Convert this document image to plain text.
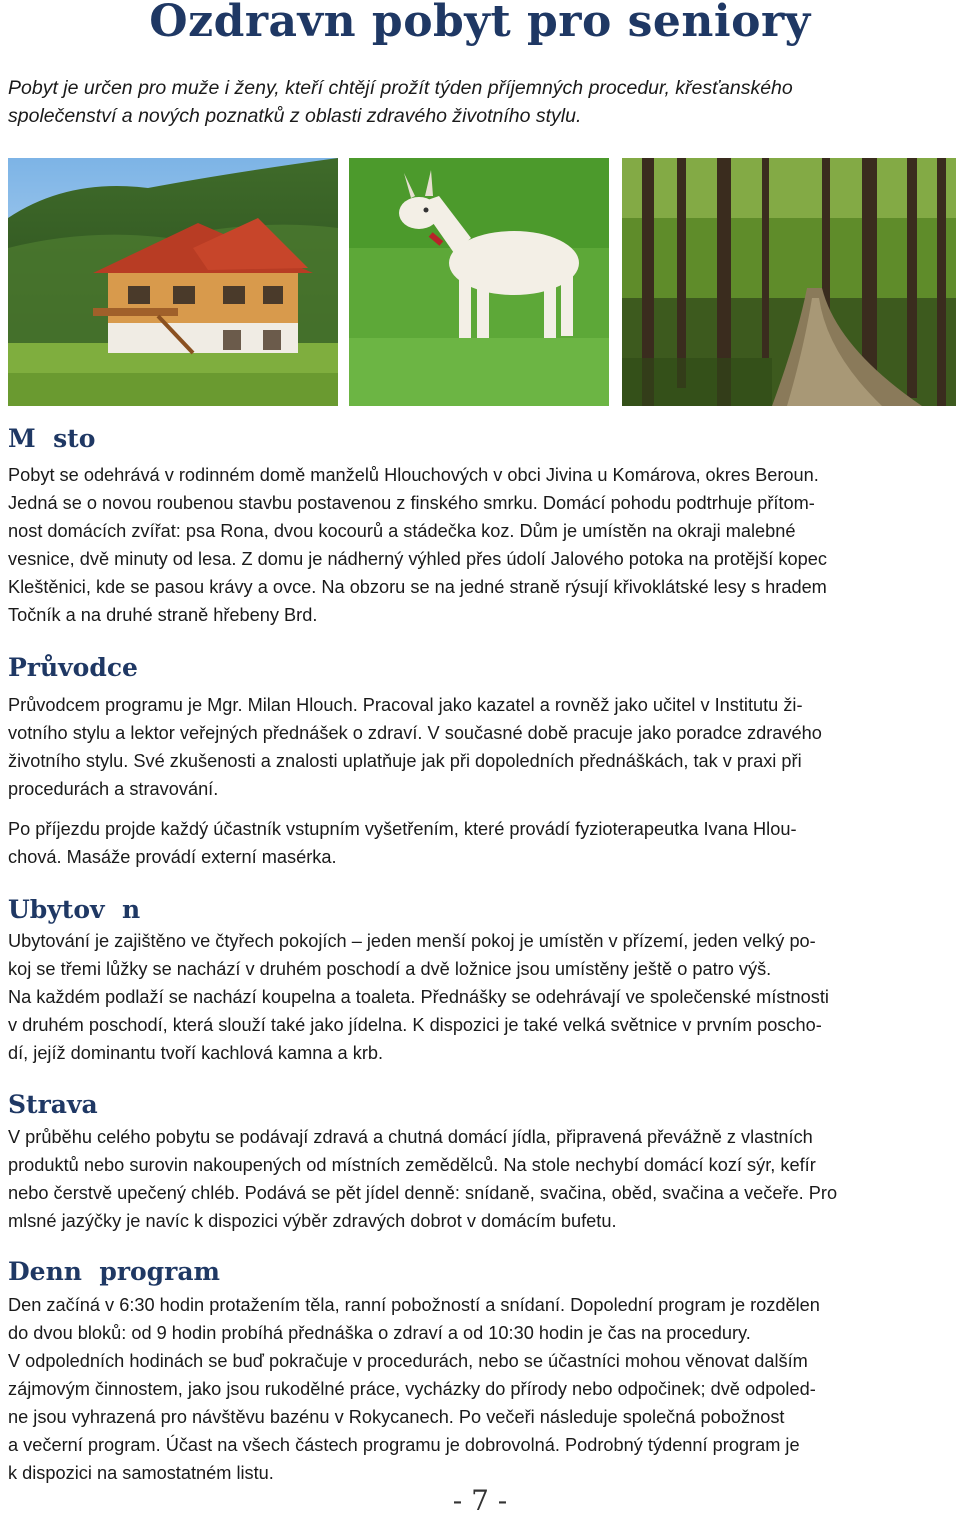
Ozdravn pobyt pro seniory
Pobyt je určen pro muže i ženy, kteří chtějí prožít týden příjemných procedur, křesťanského
společenství a nových poznatků z oblasti zdravého životního stylu.
M  sto
Pobyt se odehrává v rodinném domě manželů Hlouchových v obci Jivina u Komárova, okres Beroun.
Jedná se o novou roubenou stavbu postavenou z finského smrku. Domácí pohodu podtrhuje přítom-
nost domácích zvířat: psa Rona, dvou kocourů a stádečka koz. Dům je umístěn na okraji malebné
vesnice, dvě minuty od lesa. Z domu je nádherný výhled přes údolí Jalového potoka na protější kopec
Kleštěnici, kde se pasou krávy a ovce. Na obzoru se na jedné straně rýsují křivoklátské lesy s hradem
Točník a na druhé straně hřebeny Brd.
Průvodce
Průvodcem programu je Mgr. Milan Hlouch. Pracoval jako kazatel a rovněž jako učitel v Institutu ži-
votního stylu a lektor veřejných přednášek o zdraví. V současné době pracuje jako poradce zdravého
životního stylu. Své zkušenosti a znalosti uplatňuje jak při dopoledních přednáškách, tak v praxi při
procedurách a stravování.
Po příjezdu projde každý účastník vstupním vyšetřením, které provádí fyzioterapeutka Ivana Hlou-
chová. Masáže provádí externí masérka.
Ubytov  n
Ubytování je zajištěno ve čtyřech pokojích – jeden menší pokoj je umístěn v přízemí, jeden velký po-
koj se třemi lůžky se nachází v druhém poschodí a dvě ložnice jsou umístěny ještě o patro výš.
Na každém podlaží se nachází koupelna a toaleta. Přednášky se odehrávají ve společenské místnosti
v druhém poschodí, která slouží také jako jídelna. K dispozici je také velká světnice v prvním poscho-
dí, jejíž dominantu tvoří kachlová kamna a krb.
Strava
V průběhu celého pobytu se podávají zdravá a chutná domácí jídla, připravená převážně z vlastních
produktů nebo surovin nakoupených od místních zemědělců. Na stole nechybí domácí kozí sýr, kefír
nebo čerstvě upečený chléb. Podává se pět jídel denně: snídaně, svačina, oběd, svačina a večeře. Pro
mlsné jazýčky je navíc k dispozici výběr zdravých dobrot v domácím bufetu.
Denn  program
Den začíná v 6:30 hodin protažením těla, ranní pobožností a snídaní. Dopolední program je rozdělen
do dvou bloků: od 9 hodin probíhá přednáška o zdraví a od 10:30 hodin je čas na procedury.
V odpoledních hodinách se buď pokračuje v procedurách, nebo se účastníci mohou věnovat dalším
zájmovým činnostem, jako jsou rukodělné práce, vycházky do přírody nebo odpočinek; dvě odpoled-
ne jsou vyhrazená pro návštěvu bazénu v Rokycanech. Po večeři následuje společná pobožnost
a večerní program. Účast na všech částech programu je dobrovolná. Podrobný týdenní program je
k dispozici na samostatném listu.
- 7 -
